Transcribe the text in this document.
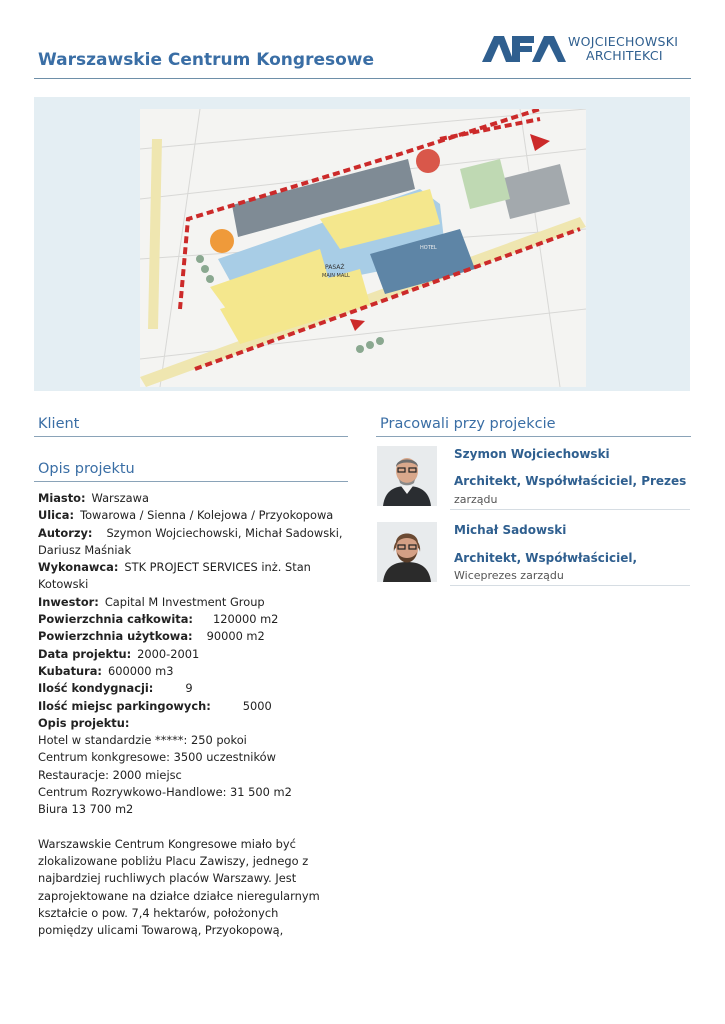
Warszawskie Centrum Kongresowe
WOJCIECHOWSKI
ARCHITEKCI
PASAŻ
MAIN MALL
HOTEL
Klient
Opis projektu
Miasto: Warszawa
Ulica: Towarowa / Sienna / Kolejowa / Przyokopowa
Autorzy: Szymon Wojciechowski, Michał Sadowski, Dariusz Maśniak
Wykonawca: STK PROJECT SERVICES inż. Stan Kotowski
Inwestor: Capital M Investment Group
Powierzchnia całkowita: 120000 m2
Powierzchnia użytkowa: 90000 m2
Data projektu: 2000-2001
Kubatura: 600000 m3
Ilość kondygnacji:	9
Ilość miejsc parkingowych:	5000
Opis projektu:
Hotel w standardzie *****: 250 pokoi
Centrum konkgresowe: 3500 uczestników
Restauracje: 2000 miejsc
Centrum Rozrywkowo-Handlowe: 31 500 m2
Biura 13 700 m2
Warszawskie Centrum Kongresowe miało być
zlokalizowane pobliżu Placu Zawiszy, jednego z
najbardziej ruchliwych placów Warszawy. Jest
zaprojektowane na działce działce nieregularnym
kształcie o pow. 7,4 hektarów, położonych
pomiędzy ulicami Towarową, Przyokopową,
Pracowali przy projekcie
Szymon Wojciechowski
Architekt, Współwłaściciel, Prezes
zarządu
Michał Sadowski
Architekt, Współwłaściciel,
Wiceprezes zarządu
